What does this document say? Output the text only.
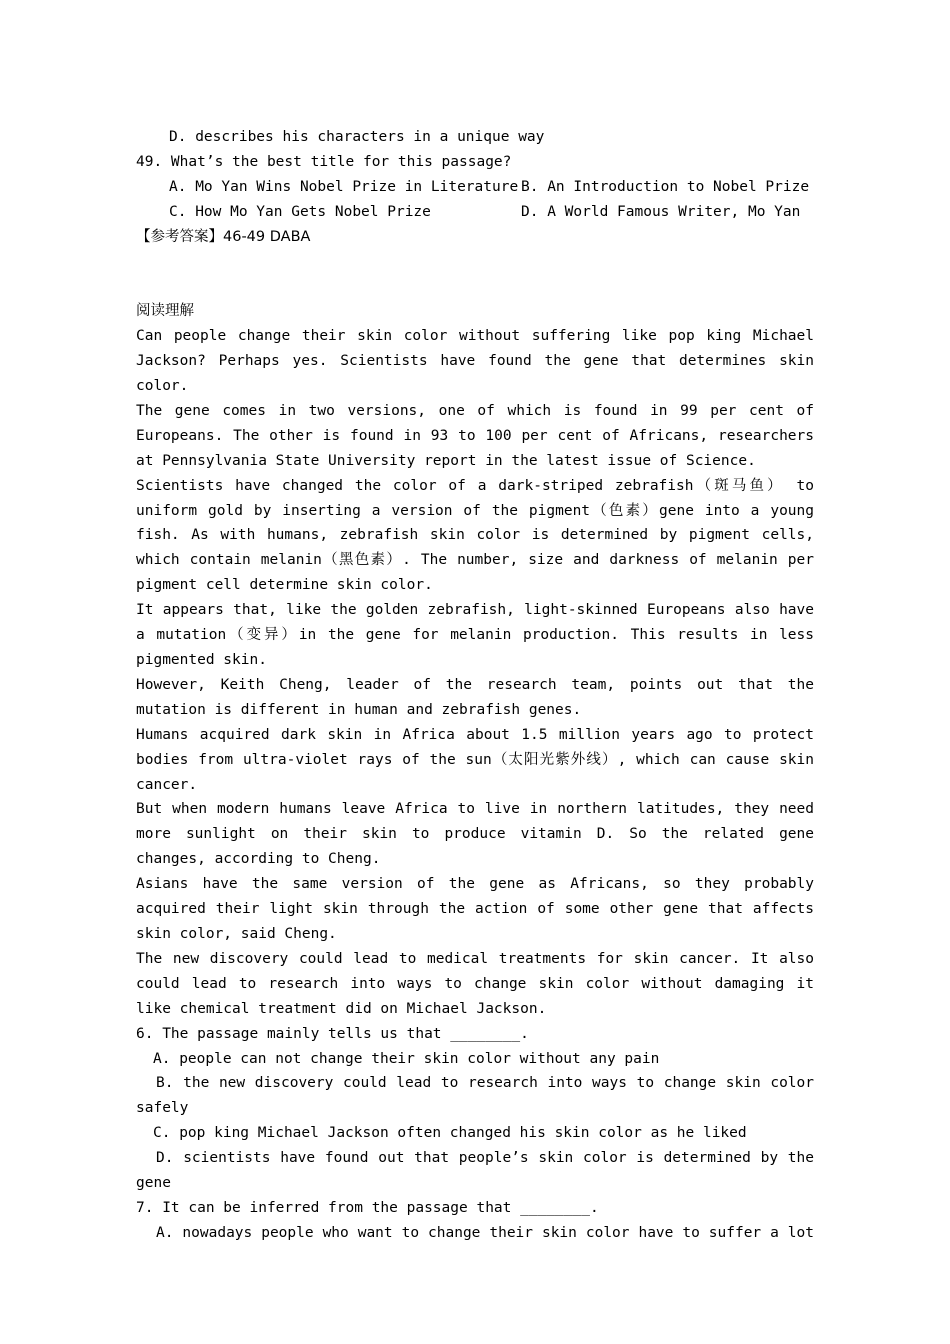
D. describes his characters in a unique way
49. What’s the best title for this passage?
A. Mo Yan Wins Nobel Prize in Literature B. An Introduction to Nobel Prize
C. How Mo Yan Gets Nobel Prize	D. A World Famous Writer, Mo Yan
【参考答案】46-49 DABA
阅读理解

Can people change their skin color without suffering like pop king Michael Jackson? Perhaps yes. Scientists have found the gene that determines skin color.

The gene comes in two versions, one of which is found in 99 per cent of Europeans. The other is found in 93 to 100 per cent of Africans, researchers at Pennsylvania State University report in the latest issue of Science.

Scientists have changed the color of a dark-striped zebrafish（斑马鱼） to uniform gold by inserting a version of the pigment（色素）gene into a young fish. As with humans, zebrafish skin color is determined by pigment cells, which contain melanin（黑色素）. The number, size and darkness of melanin per pigment cell determine skin color.

It appears that, like the golden zebrafish, light-skinned Europeans also have a mutation（变异）in the gene for melanin production. This results in less pigmented skin.

However, Keith Cheng, leader of the research team, points out that the mutation is different in human and zebrafish genes.

Humans acquired dark skin in Africa about 1.5 million years ago to protect bodies from ultra-violet rays of the sun（太阳光紫外线）, which can cause skin cancer.

But when modern humans leave Africa to live in northern latitudes, they need more sunlight on their skin to produce vitamin D. So the related gene changes, according to Cheng.

Asians have the same version of the gene as Africans, so they probably acquired their light skin through the action of some other gene that affects skin color, said Cheng.

The new discovery could lead to medical treatments for skin cancer. It also could lead to research into ways to change skin color without damaging it like chemical treatment did on Michael Jackson.

6. The passage mainly tells us that ________.
A. people can not change their skin color without any pain

B. the new discovery could lead to research into ways to change skin color safely

C. pop king Michael Jackson often changed his skin color as he liked

D. scientists have found out that people’s skin color is determined by the gene

7. It can be inferred from the passage that ________.

A. nowadays people who want to change their skin color have to suffer a lot
